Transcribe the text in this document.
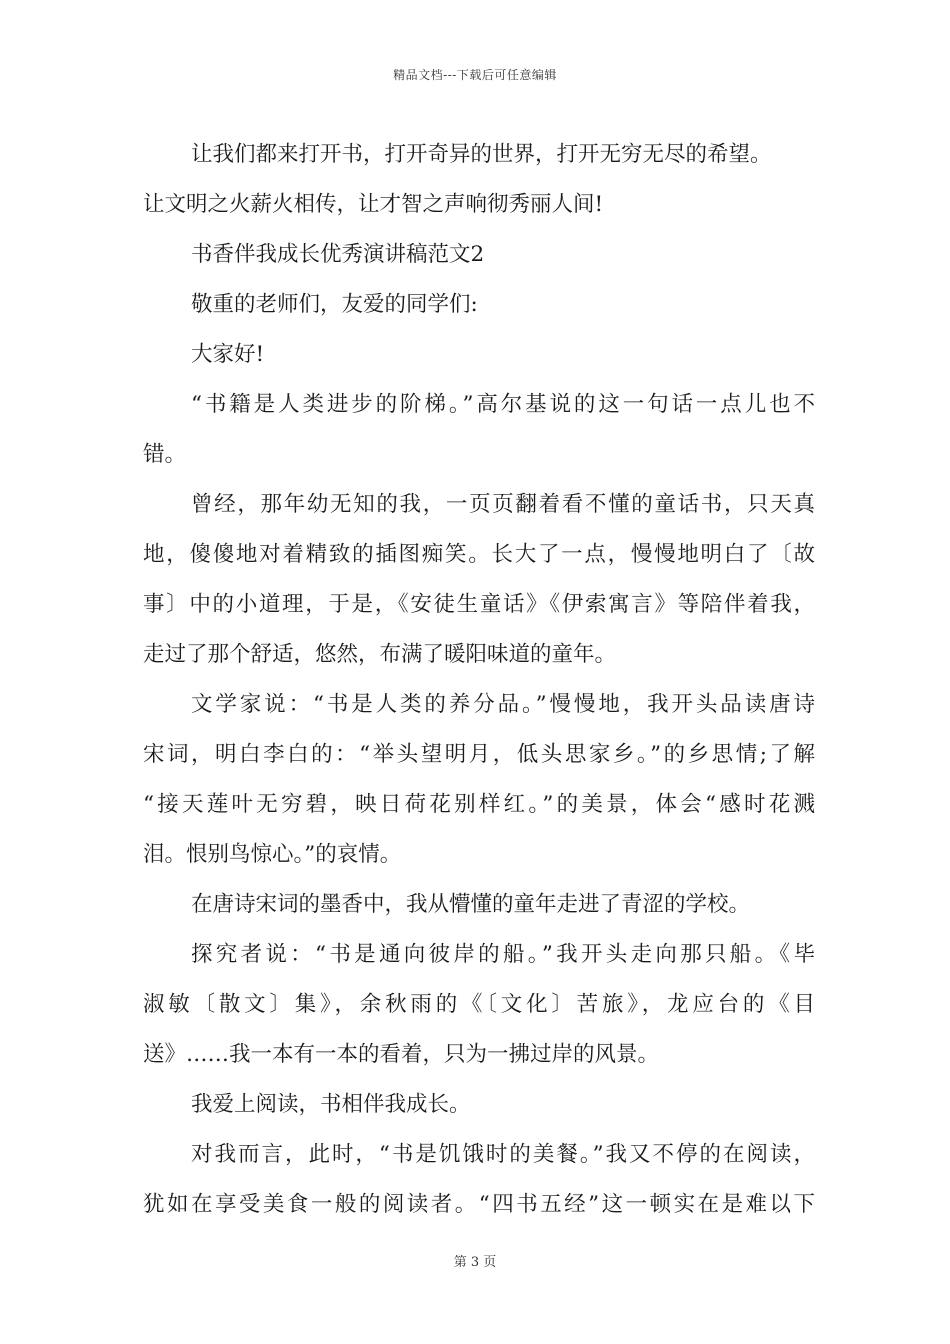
精品文档---下载后可任意编辑
让我们都来打开书，打开奇异的世界，打开无穷无尽的希望。
让文明之火薪火相传，让才智之声响彻秀丽人间!
书香伴我成长优秀演讲稿范文2
敬重的老师们，友爱的同学们:
大家好!
“书籍是人类进步的阶梯。”高尔基说的这一句话一点儿也不
错。
曾经，那年幼无知的我，一页页翻着看不懂的童话书，只天真
地，傻傻地对着精致的插图痴笑。长大了一点，慢慢地明白了〔故
事〕中的小道理，于是，《安徒生童话》《伊索寓言》等陪伴着我，
走过了那个舒适，悠然，布满了暖阳味道的童年。
文学家说：“书是人类的养分品。”慢慢地，我开头品读唐诗
宋词，明白李白的：“举头望明月，低头思家乡。”的乡思情;了解
“接天莲叶无穷碧，映日荷花别样红。”的美景，体会“感时花溅
泪。恨别鸟惊心。”的哀情。
在唐诗宋词的墨香中，我从懵懂的童年走进了青涩的学校。
探究者说：“书是通向彼岸的船。”我开头走向那只船。《毕
淑敏〔散文〕集》，余秋雨的《〔文化〕苦旅》，龙应台的《目
送》……我一本有一本的看着，只为一拂过岸的风景。
我爱上阅读，书相伴我成长。
对我而言，此时，“书是饥饿时的美餐。”我又不停的在阅读，
犹如在享受美食一般的阅读者。“四书五经”这一顿实在是难以下
第 3 页
